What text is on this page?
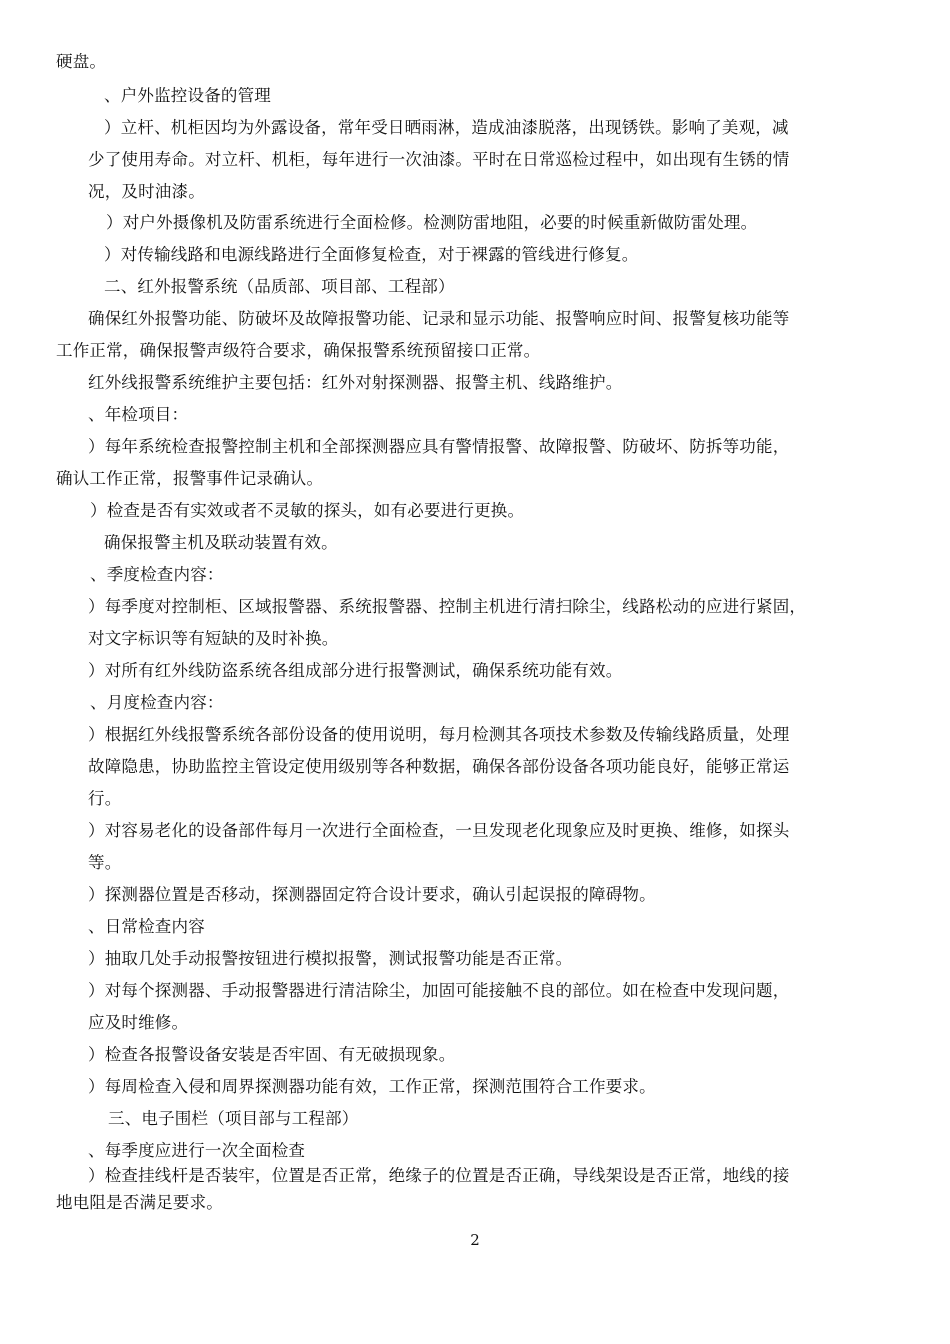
硬盘。
、户外监控设备的管理
）立杆、机柜因均为外露设备，常年受日晒雨淋，造成油漆脱落，出现锈铁。影响了美观，减
少了使用寿命。对立杆、机柜，每年进行一次油漆。平时在日常巡检过程中，如出现有生锈的情
况，及时油漆。
）对户外摄像机及防雷系统进行全面检修。检测防雷地阻，必要的时候重新做防雷处理。
）对传输线路和电源线路进行全面修复检查，对于裸露的管线进行修复。
二、红外报警系统（品质部、项目部、工程部）
确保红外报警功能、防破坏及故障报警功能、记录和显示功能、报警响应时间、报警复核功能等
工作正常，确保报警声级符合要求，确保报警系统预留接口正常。
红外线报警系统维护主要包括：红外对射探测器、报警主机、线路维护。
、年检项目：
）每年系统检查报警控制主机和全部探测器应具有警情报警、故障报警、防破坏、防拆等功能，
确认工作正常，报警事件记录确认。
）检查是否有实效或者不灵敏的探头，如有必要进行更换。
确保报警主机及联动装置有效。
、季度检查内容：
）每季度对控制柜、区域报警器、系统报警器、控制主机进行清扫除尘，线路松动的应进行紧固，
对文字标识等有短缺的及时补换。
）对所有红外线防盗系统各组成部分进行报警测试，确保系统功能有效。
、月度检查内容：
）根据红外线报警系统各部份设备的使用说明，每月检测其各项技术参数及传输线路质量，处理
故障隐患，协助监控主管设定使用级别等各种数据，确保各部份设备各项功能良好，能够正常运
行。
）对容易老化的设备部件每月一次进行全面检查，一旦发现老化现象应及时更换、维修，如探头
等。
）探测器位置是否移动，探测器固定符合设计要求，确认引起误报的障碍物。
、日常检查内容
）抽取几处手动报警按钮进行模拟报警，测试报警功能是否正常。
）对每个探测器、手动报警器进行清洁除尘，加固可能接触不良的部位。如在检查中发现问题，
应及时维修。
）检查各报警设备安装是否牢固、有无破损现象。
）每周检查入侵和周界探测器功能有效，工作正常，探测范围符合工作要求。
三、电子围栏（项目部与工程部）
、每季度应进行一次全面检查
）检查挂线杆是否装牢，位置是否正常，绝缘子的位置是否正确，导线架设是否正常，地线的接
地电阻是否满足要求。
2
